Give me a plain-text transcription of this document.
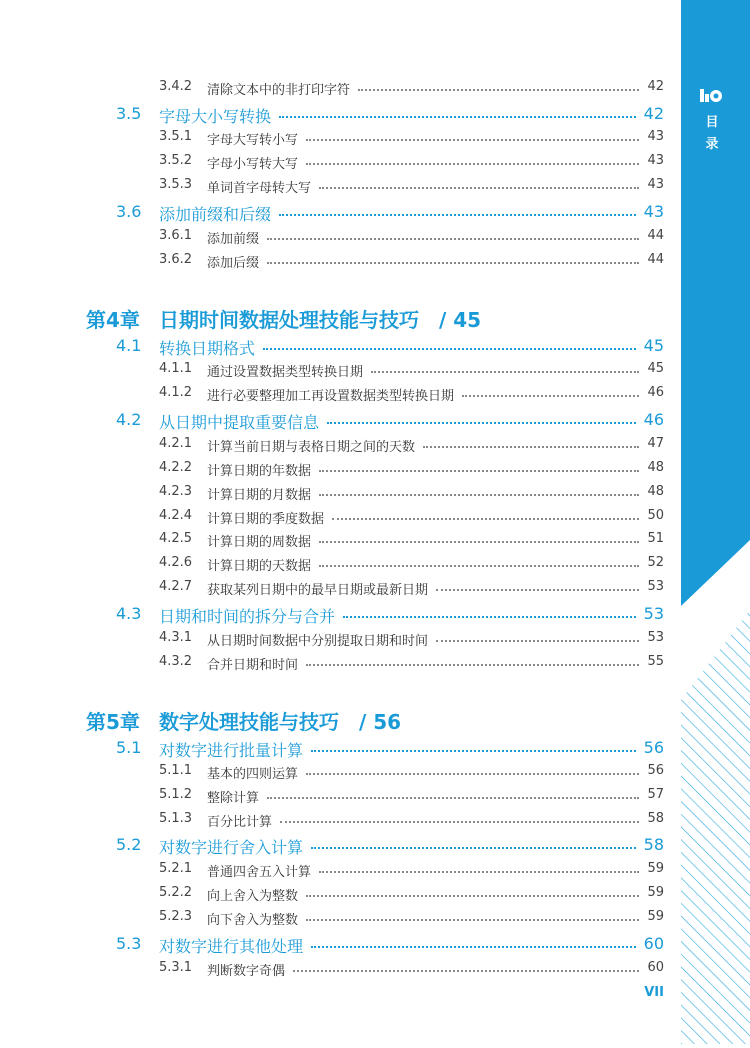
目
录
3.4.2 清除文本中的非打印字符	42
3.5 字母大小写转换	42
3.5.1 字母大写转小写	43
3.5.2 字母小写转大写	43
3.5.3 单词首字母转大写	43
3.6 添加前缀和后缀	43
3.6.1 添加前缀	44
3.6.2 添加后缀	44
第4章 日期时间数据处理技能与技巧　/ 45
4.1 转换日期格式	45
4.1.1 通过设置数据类型转换日期	45
4.1.2 进行必要整理加工再设置数据类型转换日期	46
4.2 从日期中提取重要信息	46
4.2.1 计算当前日期与表格日期之间的天数	47
4.2.2 计算日期的年数据	48
4.2.3 计算日期的月数据	48
4.2.4 计算日期的季度数据	50
4.2.5 计算日期的周数据	51
4.2.6 计算日期的天数据	52
4.2.7 获取某列日期中的最早日期或最新日期	53
4.3 日期和时间的拆分与合并	53
4.3.1 从日期时间数据中分别提取日期和时间	53
4.3.2 合并日期和时间	55
第5章 数字处理技能与技巧　/ 56
5.1 对数字进行批量计算	56
5.1.1 基本的四则运算	56
5.1.2 整除计算	57
5.1.3 百分比计算	58
5.2 对数字进行舍入计算	58
5.2.1 普通四舍五入计算	59
5.2.2 向上舍入为整数	59
5.2.3 向下舍入为整数	59
5.3 对数字进行其他处理	60
5.3.1 判断数字奇偶	60
VII
